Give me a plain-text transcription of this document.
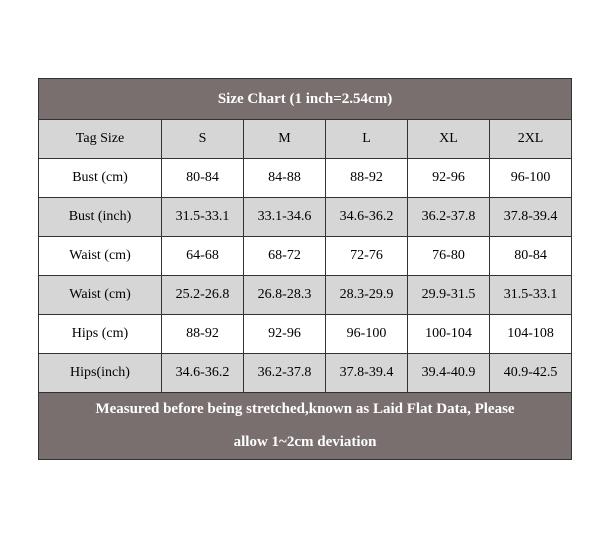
Size Chart (1 inch=2.54cm)					
Tag Size	S	M	L	XL	2XL
Bust (cm)	80-84	84-88	88-92	92-96	96-100
Bust (inch)	31.5-33.1	33.1-34.6	34.6-36.2	36.2-37.8	37.8-39.4
Waist (cm)	64-68	68-72	72-76	76-80	80-84
Waist (cm)	25.2-26.8	26.8-28.3	28.3-29.9	29.9-31.5	31.5-33.1
Hips (cm)	88-92	92-96	96-100	100-104	104-108
Hips(inch)	34.6-36.2	36.2-37.8	37.8-39.4	39.4-40.9	40.9-42.5

Measured before being stretched,known as Laid Flat Data, Please
allow 1~2cm deviation					
